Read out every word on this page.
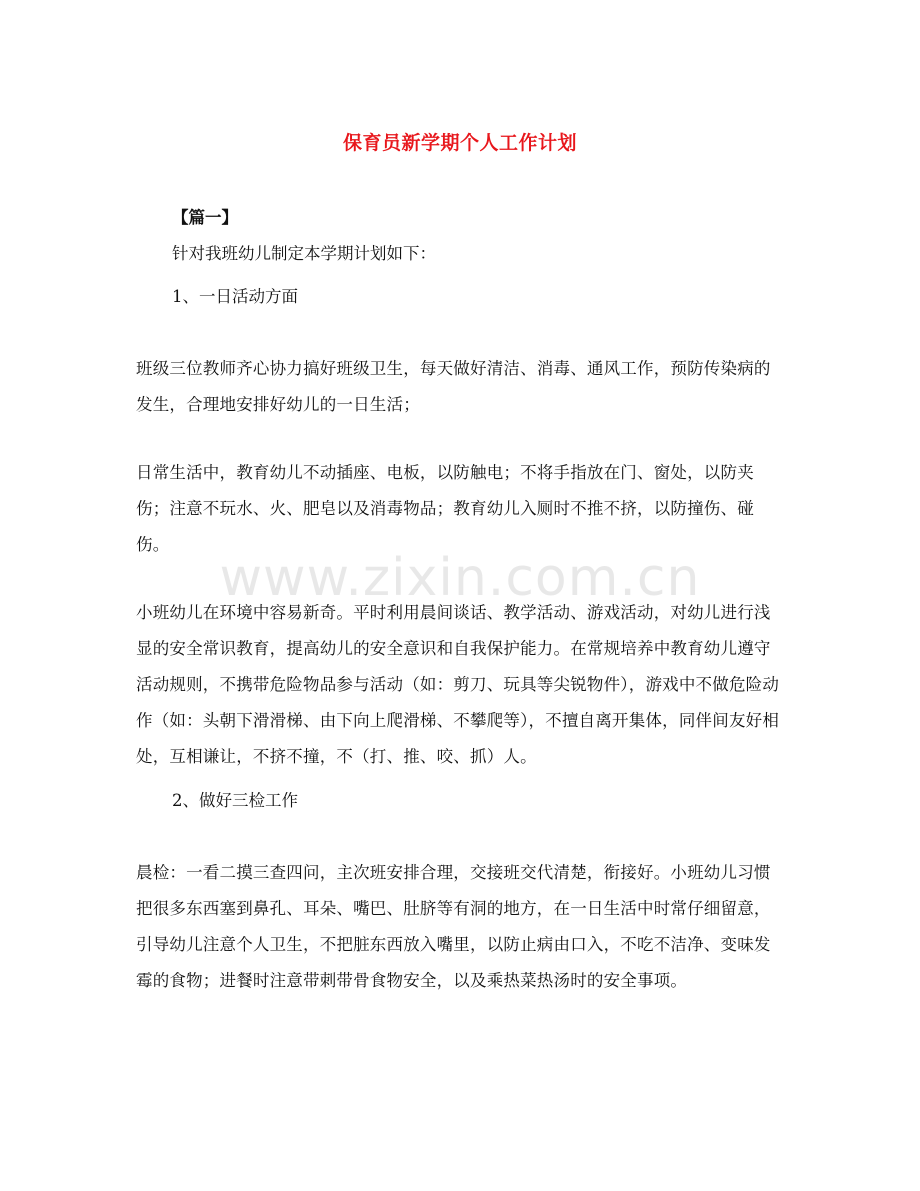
保育员新学期个人工作计划
【篇一】
针对我班幼儿制定本学期计划如下：
1、一日活动方面
班级三位教师齐心协力搞好班级卫生，每天做好清洁、消毒、通风工作，预防传染病的发生，合理地安排好幼儿的一日生活；
日常生活中，教育幼儿不动插座、电板，以防触电；不将手指放在门、窗处，以防夹伤；注意不玩水、火、肥皂以及消毒物品；教育幼儿入厕时不推不挤，以防撞伤、碰伤。
小班幼儿在环境中容易新奇。平时利用晨间谈话、教学活动、游戏活动，对幼儿进行浅显的安全常识教育，提高幼儿的安全意识和自我保护能力。在常规培养中教育幼儿遵守活动规则，不携带危险物品参与活动（如：剪刀、玩具等尖锐物件），游戏中不做危险动作（如：头朝下滑滑梯、由下向上爬滑梯、不攀爬等），不擅自离开集体，同伴间友好相处，互相谦让，不挤不撞，不（打、推、咬、抓）人。
2、做好三检工作
晨检：一看二摸三查四问，主次班安排合理，交接班交代清楚，衔接好。小班幼儿习惯把很多东西塞到鼻孔、耳朵、嘴巴、肚脐等有洞的地方，在一日生活中时常仔细留意，引导幼儿注意个人卫生，不把脏东西放入嘴里，以防止病由口入，不吃不洁净、变味发霉的食物；进餐时注意带刺带骨食物安全，以及乘热菜热汤时的安全事项。
www.zixin.com.cn
